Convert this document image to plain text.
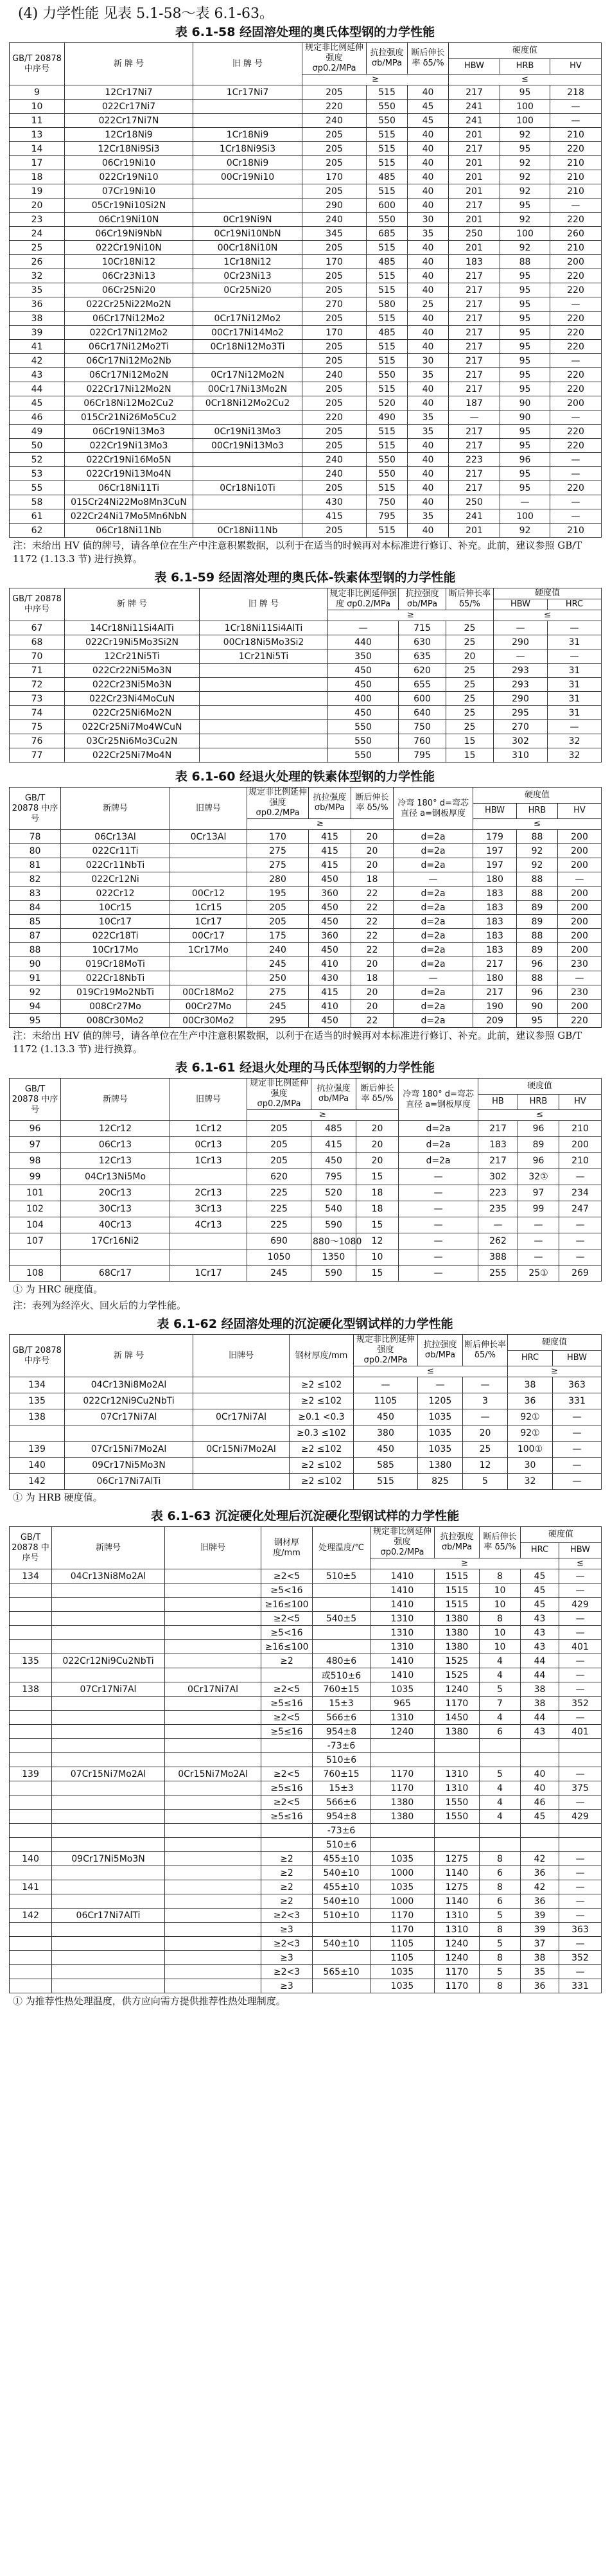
(4) 力学性能 见表 5.1-58～表 6.1-63。
表 6.1-58 经固溶处理的奥氏体型钢的力学性能
GB/T 20878 中序号	新 牌 号	旧 牌 号	规定非比例延伸强度 σp0.2/MPa	抗拉强度 σb/MPa	断后伸长率 δ5/%	硬度值		
						HBW	HRB	HV
			≥			≤		
9	12Cr17Ni7	1Cr17Ni7	205	515	40	217	95	218
10	022Cr17Ni7		220	550	45	241	100	—
11	022Cr17Ni7N		240	550	45	241	100	—
13	12Cr18Ni9	1Cr18Ni9	205	515	40	201	92	210
14	12Cr18Ni9Si3	1Cr18Ni9Si3	205	515	40	217	95	220
17	06Cr19Ni10	0Cr18Ni9	205	515	40	201	92	210
18	022Cr19Ni10	00Cr19Ni10	170	485	40	201	92	210
19	07Cr19Ni10		205	515	40	201	92	210
20	05Cr19Ni10Si2N		290	600	40	217	95	—
23	06Cr19Ni10N	0Cr19Ni9N	240	550	30	201	92	220
24	06Cr19Ni9NbN	0Cr19Ni10NbN	345	685	35	250	100	260
25	022Cr19Ni10N	00Cr18Ni10N	205	515	40	201	92	210
26	10Cr18Ni12	1Cr18Ni12	170	485	40	183	88	200
32	06Cr23Ni13	0Cr23Ni13	205	515	40	217	95	220
35	06Cr25Ni20	0Cr25Ni20	205	515	40	217	95	220
36	022Cr25Ni22Mo2N		270	580	25	217	95	—
38	06Cr17Ni12Mo2	0Cr17Ni12Mo2	205	515	40	217	95	220
39	022Cr17Ni12Mo2	00Cr17Ni14Mo2	170	485	40	217	95	220
41	06Cr17Ni12Mo2Ti	0Cr18Ni12Mo3Ti	205	515	40	217	95	220
42	06Cr17Ni12Mo2Nb		205	515	30	217	95	—
43	06Cr17Ni12Mo2N	0Cr17Ni12Mo2N	240	550	35	217	95	220
44	022Cr17Ni12Mo2N	00Cr17Ni13Mo2N	205	515	40	217	95	220
45	06Cr18Ni12Mo2Cu2	0Cr18Ni12Mo2Cu2	205	520	40	187	90	200
46	015Cr21Ni26Mo5Cu2		220	490	35	—	90	—
49	06Cr19Ni13Mo3	0Cr19Ni13Mo3	205	515	35	217	95	220
50	022Cr19Ni13Mo3	00Cr19Ni13Mo3	205	515	40	217	95	220
52	022Cr19Ni16Mo5N		240	550	40	223	96	—
53	022Cr19Ni13Mo4N		240	550	40	217	95	—
55	06Cr18Ni11Ti	0Cr18Ni10Ti	205	515	40	217	95	220
58	015Cr24Ni22Mo8Mn3CuN		430	750	40	250	—	—
61	022Cr24Ni17Mo5Mn6NbN		415	795	35	241	100	—
62	06Cr18Ni11Nb	0Cr18Ni11Nb	205	515	40	201	92	210
注：未给出 HV 值的牌号，请各单位在生产中注意积累数据，以利于在适当的时候再对本标准进行修订、补充。此前，建议参照 GB/T 1172 (1.13.3 节) 进行换算。
表 6.1-59 经固溶处理的奥氏体-铁素体型钢的力学性能
GB/T 20878 中序号	新 牌 号	旧 牌 号	规定非比例延伸强度 σp0.2/MPa	抗拉强度 σb/MPa	断后伸长率 δ5/%	硬度值	
						HBW	HRC
			≥			≤	
67	14Cr18Ni11Si4AlTi	1Cr18Ni11Si4AlTi	—	715	25	—	—
68	022Cr19Ni5Mo3Si2N	00Cr18Ni5Mo3Si2	440	630	25	290	31
70	12Cr21Ni5Ti	1Cr21Ni5Ti	350	635	20	—	—
71	022Cr22Ni5Mo3N		450	620	25	293	31
72	022Cr23Ni5Mo3N		450	655	25	293	31
73	022Cr23Ni4MoCuN		400	600	25	290	31
74	022Cr25Ni6Mo2N		450	640	25	295	31
75	022Cr25Ni7Mo4WCuN		550	750	25	270	—
76	03Cr25Ni6Mo3Cu2N		550	760	15	302	32
77	022Cr25Ni7Mo4N		550	795	15	310	32
表 6.1-60 经退火处理的铁素体型钢的力学性能
GB/T 20878 中序号	新牌号	旧牌号	规定非比例延伸强度 σp0.2/MPa	抗拉强度 σb/MPa	断后伸长率 δ5/%	冷弯 180° d=弯芯直径 a=钢板厚度	硬度值		
							HBW	HRB	HV
			≥				≤		
78	06Cr13Al	0Cr13Al	170	415	20	d=2a	179	88	200
80	022Cr11Ti		275	415	20	d=2a	197	92	200
81	022Cr11NbTi		275	415	20	d=2a	197	92	200
82	022Cr12Ni		280	450	18	—	180	88	—
83	022Cr12	00Cr12	195	360	22	d=2a	183	88	200
84	10Cr15	1Cr15	205	450	22	d=2a	183	89	200
85	10Cr17	1Cr17	205	450	22	d=2a	183	89	200
87	022Cr18Ti	00Cr17	175	360	22	d=2a	183	88	200
88	10Cr17Mo	1Cr17Mo	240	450	22	d=2a	183	89	200
90	019Cr18MoTi		245	410	20	d=2a	217	96	230
91	022Cr18NbTi		250	430	18	—	180	88	—
92	019Cr19Mo2NbTi	00Cr18Mo2	275	415	20	d=2a	217	96	230
94	008Cr27Mo	00Cr27Mo	245	410	20	d=2a	190	90	200
95	008Cr30Mo2	00Cr30Mo2	295	450	22	d=2a	209	95	220
注：未给出 HV 值的牌号，请各单位在生产中注意积累数据，以利于在适当的时候再对本标准进行修订、补充。此前，建议参照 GB/T 1172 (1.13.3 节) 进行换算。
表 6.1-61 经退火处理的马氏体型钢的力学性能
GB/T 20878 中序号	新牌号	旧牌号	规定非比例延伸强度 σp0.2/MPa	抗拉强度 σb/MPa	断后伸长率 δ5/%	冷弯 180° d=弯芯直径 a=钢板厚度	硬度值		
							HB	HRB	HV
			≥				≤		
96	12Cr12	1Cr12	205	485	20	d=2a	217	96	210
97	06Cr13	0Cr13	205	415	20	d=2a	183	89	200
98	12Cr13	1Cr13	205	450	20	d=2a	217	96	210
99	04Cr13Ni5Mo		620	795	15	—	302	32①	—
101	20Cr13	2Cr13	225	520	18	—	223	97	234
102	30Cr13	3Cr13	225	540	18	—	235	99	247
104	40Cr13	4Cr13	225	590	15	—	—	—	—
107	17Cr16Ni2		690	880～1080	12	—	262	—	—
			1050	1350	10	—	388	—	—
108	68Cr17	1Cr17	245	590	15	—	255	25①	269
① 为 HRC 硬度值。
注：表列为经淬火、回火后的力学性能。
表 6.1-62 经固溶处理的沉淀硬化型钢试样的力学性能
GB/T 20878 中序号	新 牌 号	旧牌号	钢材厚度/mm	规定非比例延伸强度 σp0.2/MPa	抗拉强度 σb/MPa	断后伸长率 δ5/%	硬度值	
							HRC	HBW
				≤			≥	
134	04Cr13Ni8Mo2Al		≥2 ≤102	—	—	—	38	363
135	022Cr12Ni9Cu2NbTi		≥2 ≤102	1105	1205	3	36	331
138	07Cr17Ni7Al	0Cr17Ni7Al	≥0.1 <0.3	450	1035	—	92①	—
			≥0.3 ≤102	380	1035	20	92①	—
139	07Cr15Ni7Mo2Al	0Cr15Ni7Mo2Al	≥2 ≤102	450	1035	25	100①	—
140	09Cr17Ni5Mo3N		≥2 ≤102	585	1380	12	30	—
142	06Cr17Ni7AlTi		≥2 ≤102	515	825	5	32	—
① 为 HRB 硬度值。
表 6.1-63 沉淀硬化处理后沉淀硬化型钢试样的力学性能
GB/T 20878 中序号	新牌号	旧牌号	钢材厚度/mm	处理温度/℃	规定非比例延伸强度 σp0.2/MPa	抗拉强度 σb/MPa	断后伸长率 δ5/%	硬度值	
								HRC	HBW
					≥				≤
134	04Cr13Ni8Mo2Al		≥2<5	510±5	1410	1515	8	45	—
			≥5<16		1410	1515	10	45	—
			≥16≤100		1410	1515	10	45	429
			≥2<5	540±5	1310	1380	8	43	—
			≥5<16		1310	1380	10	43	—
			≥16≤100		1310	1380	10	43	401
135	022Cr12Ni9Cu2NbTi		≥2	480±6	1410	1525	4	44	—
				或510±6	1410	1525	4	44	—
138	07Cr17Ni7Al	0Cr17Ni7Al	≥2<5	760±15	1035	1240	5	38	—
			≥5≤16	15±3	965	1170	7	38	352
			≥2<5	566±6	1310	1450	4	44	—
			≥5≤16	954±8	1240	1380	6	43	401
				-73±6					
				510±6					
139	07Cr15Ni7Mo2Al	0Cr15Ni7Mo2Al	≥2<5	760±15	1170	1310	5	40	—
			≥5≤16	15±3	1170	1310	4	40	375
			≥2<5	566±6	1380	1550	4	46	—
			≥5≤16	954±8	1380	1550	4	45	429
				-73±6					
				510±6					
140	09Cr17Ni5Mo3N		≥2	455±10	1035	1275	8	42	—
			≥2	540±10	1000	1140	6	36	—
141			≥2	455±10	1035	1275	8	42	—
			≥2	540±10	1000	1140	6	36	—
142	06Cr17Ni7AlTi		≥2<3	510±10	1170	1310	5	39	—
			≥3		1170	1310	8	39	363
			≥2<3	540±10	1105	1240	5	37	—
			≥3		1105	1240	8	38	352
			≥2<3	565±10	1035	1170	5	35	—
			≥3		1035	1170	8	36	331
① 为推荐性热处理温度，供方应向需方提供推荐性热处理制度。
